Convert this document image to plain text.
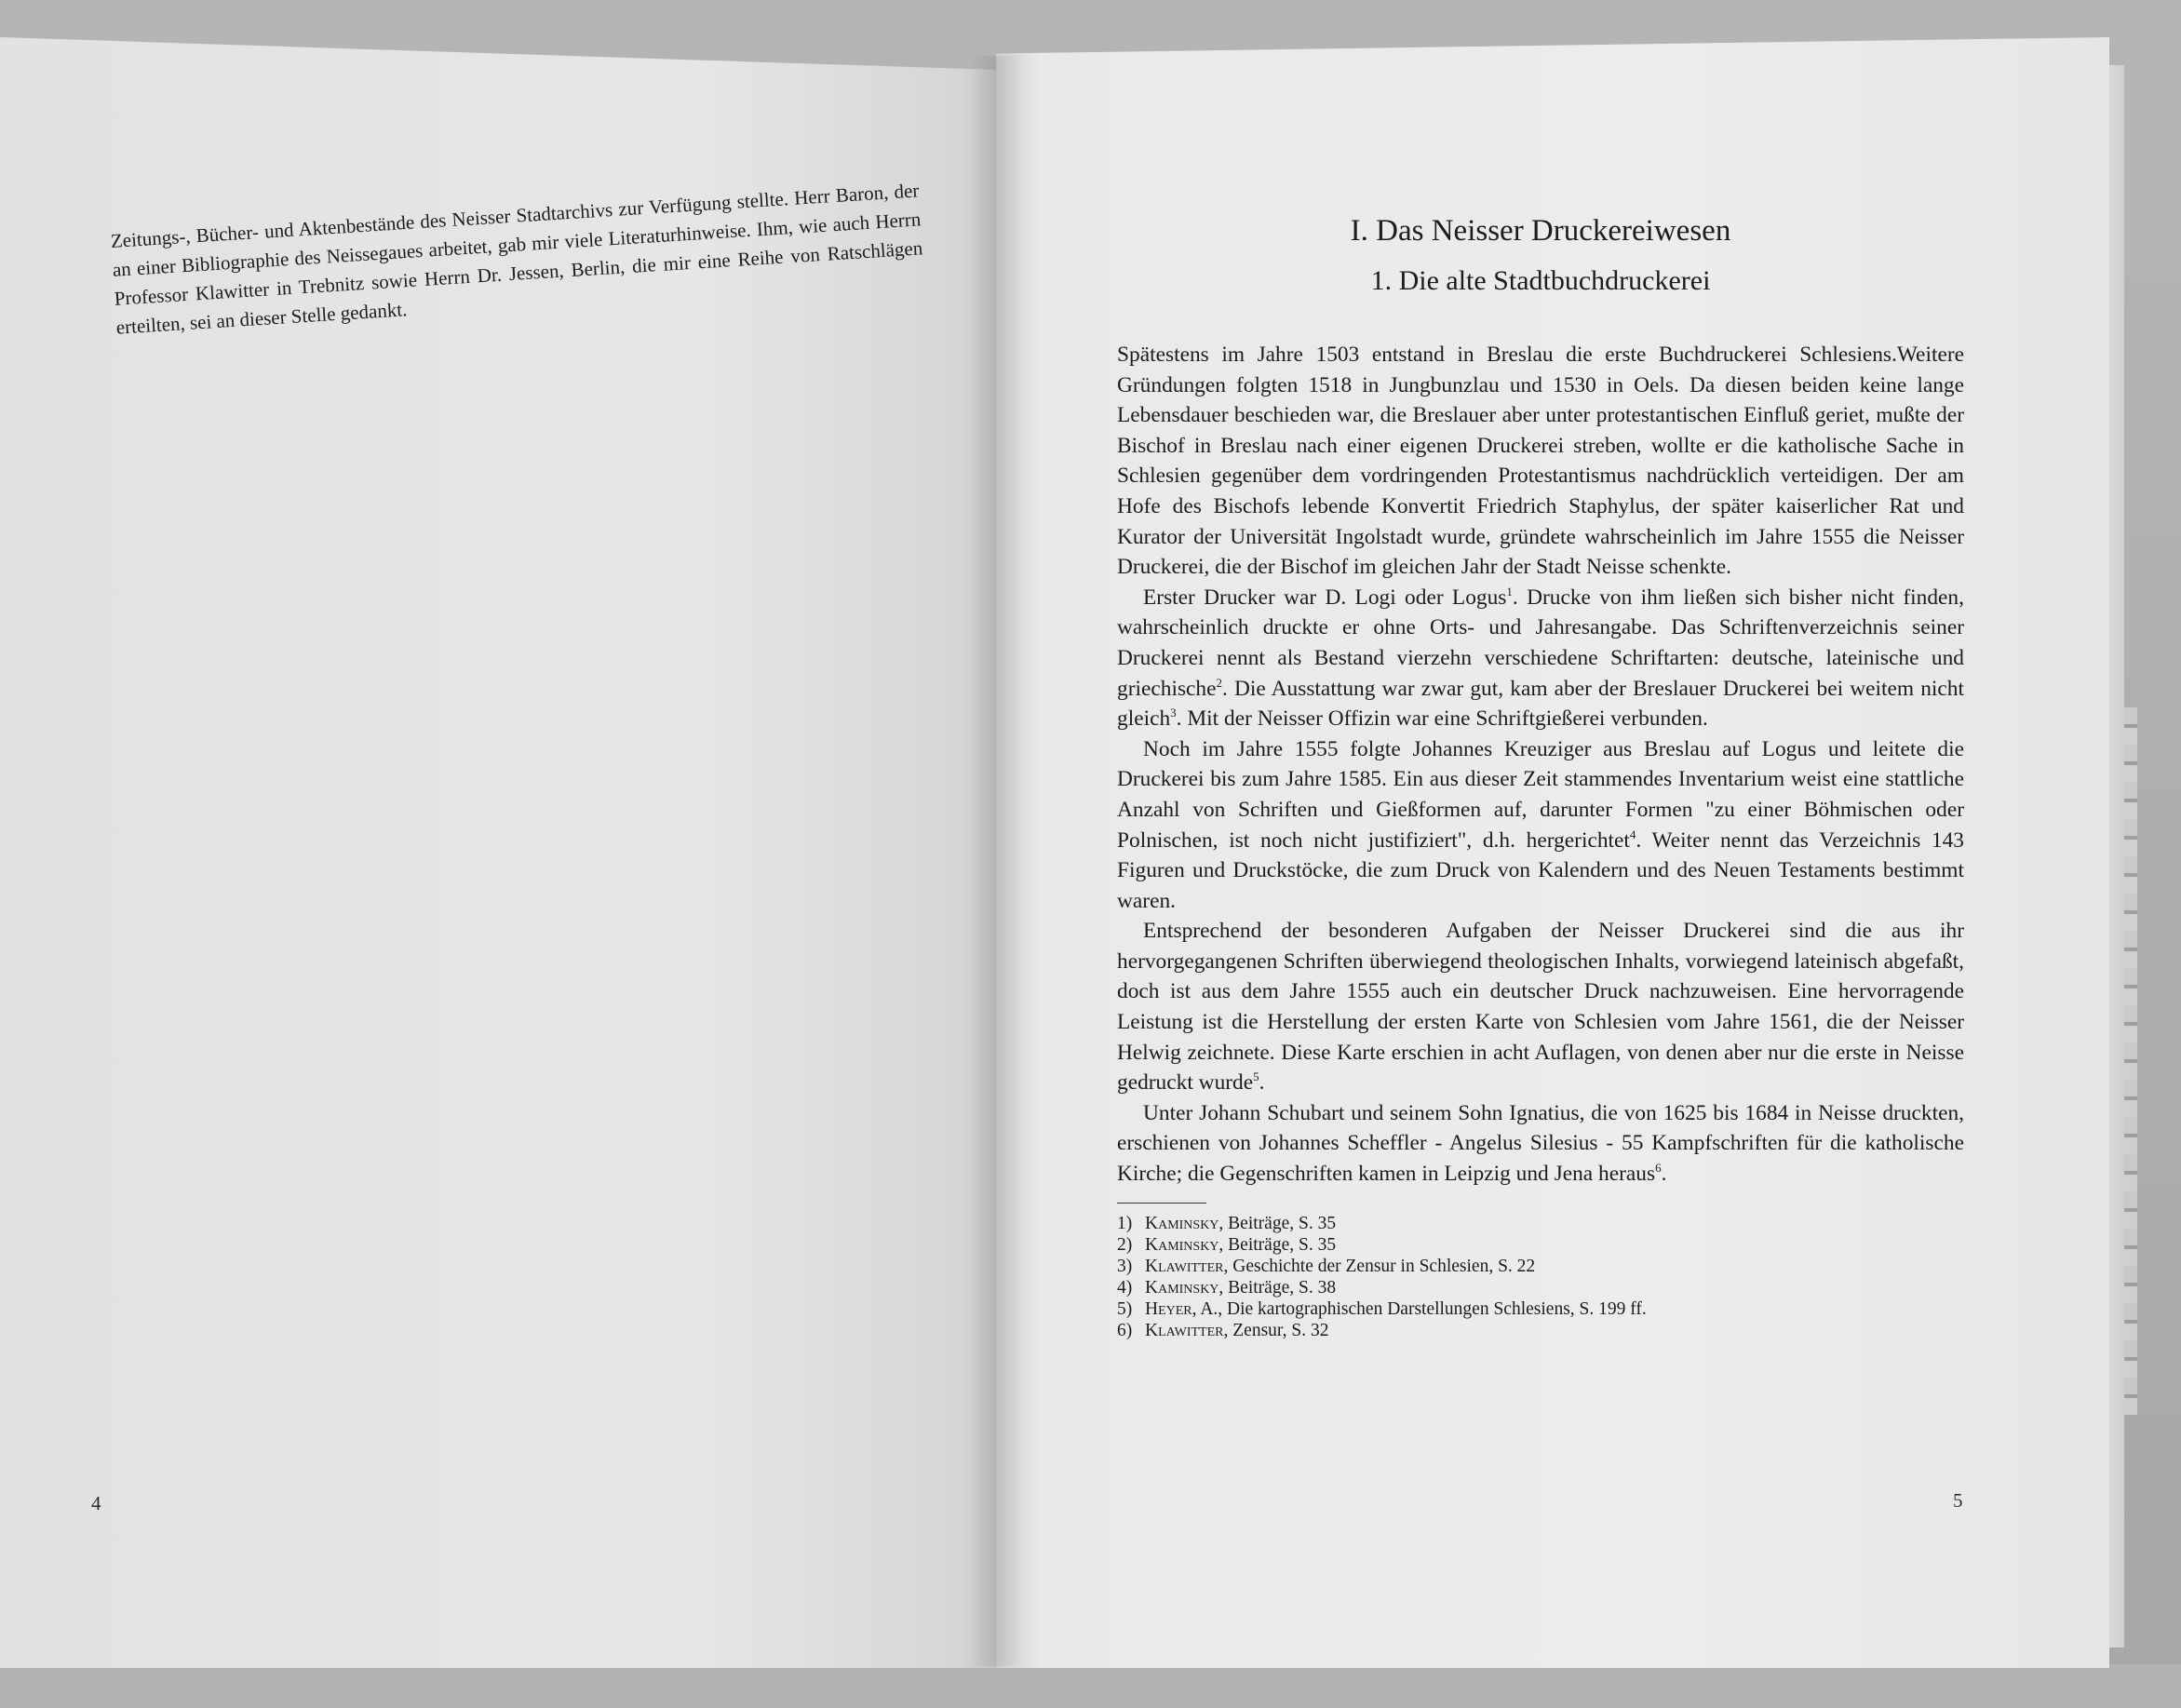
Zeitungs-, Bücher- und Aktenbestände des Neisser Stadtarchivs zur Verfügung stellte. Herr Baron, der an einer Bibliographie des Neissegaues arbeitet, gab mir viele Literaturhinweise. Ihm, wie auch Herrn Professor Klawitter in Trebnitz sowie Herrn Dr. Jessen, Berlin, die mir eine Reihe von Ratschlägen erteilten, sei an dieser Stelle gedankt.

4
I. Das Neisser Druckereiwesen
1. Die alte Stadtbuchdruckerei

Spätestens im Jahre 1503 entstand in Breslau die erste Buchdruckerei Schlesiens.Weitere Gründungen folgten 1518 in Jungbunzlau und 1530 in Oels. Da diesen beiden keine lange Lebensdauer beschieden war, die Breslauer aber unter protestantischen Einfluß geriet, mußte der Bischof in Breslau nach einer eigenen Druckerei streben, wollte er die katholische Sache in Schlesien gegenüber dem vordringenden Protestantismus nachdrücklich verteidigen. Der am Hofe des Bischofs lebende Konvertit Friedrich Staphylus, der später kaiserlicher Rat und Kurator der Universität Ingolstadt wurde, gründete wahrscheinlich im Jahre 1555 die Neisser Druckerei, die der Bischof im gleichen Jahr der Stadt Neisse schenkte.

Erster Drucker war D. Logi oder Logus$^1$. Drucke von ihm ließen sich bisher nicht finden, wahrscheinlich druckte er ohne Orts- und Jahresangabe. Das Schriftenverzeichnis seiner Druckerei nennt als Bestand vierzehn verschiedene Schriftarten: deutsche, lateinische und griechische$^2$. Die Ausstattung war zwar gut, kam aber der Breslauer Druckerei bei weitem nicht gleich$^3$. Mit der Neisser Offizin war eine Schriftgießerei verbunden.

Noch im Jahre 1555 folgte Johannes Kreuziger aus Breslau auf Logus und leitete die Druckerei bis zum Jahre 1585. Ein aus dieser Zeit stammendes Inventarium weist eine stattliche Anzahl von Schriften und Gießformen auf, darunter Formen "zu einer Böhmischen oder Polnischen, ist noch nicht justifiziert", d.h. hergerichtet$^4$. Weiter nennt das Verzeichnis 143 Figuren und Druckstöcke, die zum Druck von Kalendern und des Neuen Testaments bestimmt waren.

Entsprechend der besonderen Aufgaben der Neisser Druckerei sind die aus ihr hervorgegangenen Schriften überwiegend theologischen Inhalts, vorwiegend lateinisch abgefaßt, doch ist aus dem Jahre 1555 auch ein deutscher Druck nachzuweisen. Eine hervorragende Leistung ist die Herstellung der ersten Karte von Schlesien vom Jahre 1561, die der Neisser Helwig zeichnete. Diese Karte erschien in acht Auflagen, von denen aber nur die erste in Neisse gedruckt wurde$^5$.

Unter Johann Schubart und seinem Sohn Ignatius, die von 1625 bis 1684 in Neisse druckten, erschienen von Johannes Scheffler - Angelus Silesius - 55 Kampfschriften für die katholische Kirche; die Gegenschriften kamen in Leipzig und Jena heraus$^6$.

1) Kaminsky, Beiträge, S. 35
2) Kaminsky, Beiträge, S. 35
3) Klawitter, Geschichte der Zensur in Schlesien, S. 22
4) Kaminsky, Beiträge, S. 38
5) Heyer, A., Die kartographischen Darstellungen Schlesiens, S. 199 ff.
6) Klawitter, Zensur, S. 32
5
